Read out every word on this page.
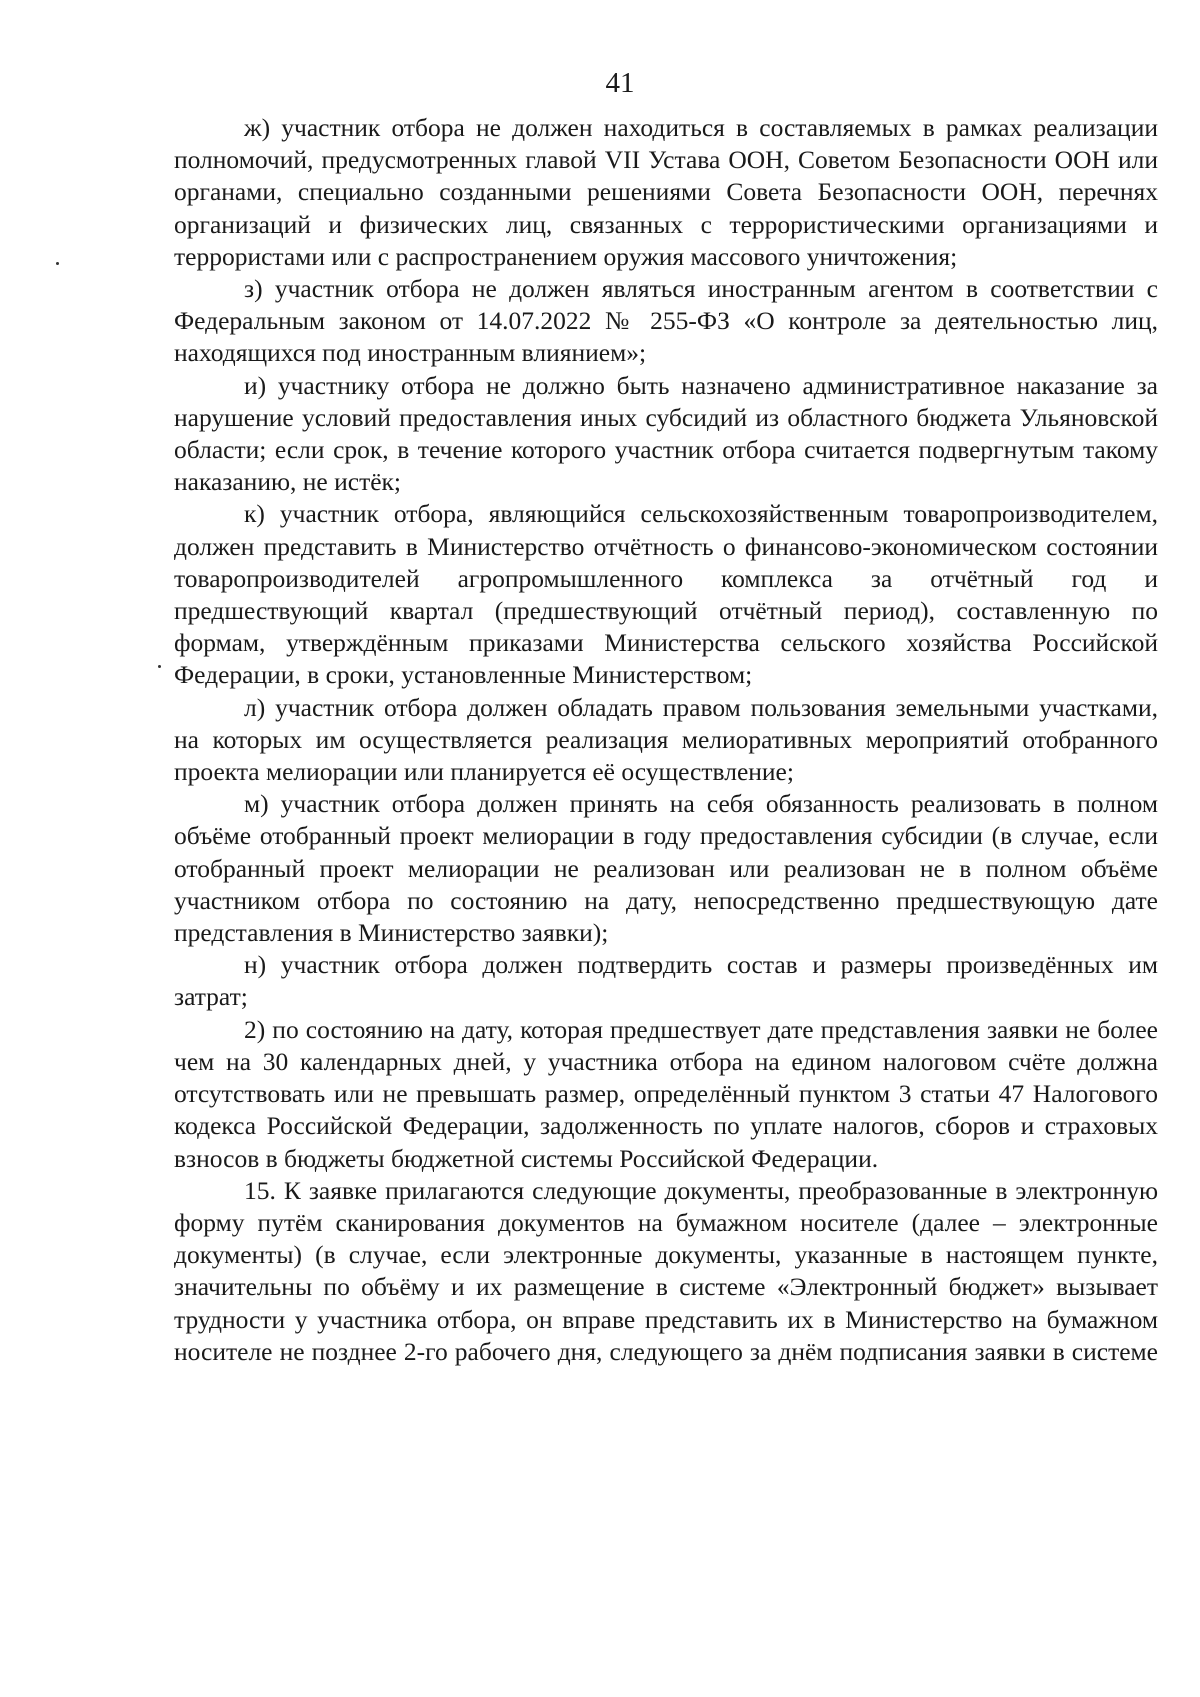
41

ж) участник отбора не должен находиться в составляемых в рамках реализации полномочий, предусмотренных главой VII Устава ООН, Советом Безопасности ООН или органами, специально созданными решениями Совета Безопасности ООН, перечнях организаций и физических лиц, связанных с террористическими организациями и террористами или с распространением оружия массового уничтожения;

з) участник отбора не должен являться иностранным агентом в соответствии с Федеральным законом от 14.07.2022 № 255-ФЗ «О контроле за деятельностью лиц, находящихся под иностранным влиянием»;

и) участнику отбора не должно быть назначено административное наказание за нарушение условий предоставления иных субсидий из областного бюджета Ульяновской области; если срок, в течение которого участник отбора считается подвергнутым такому наказанию, не истёк;

к) участник отбора, являющийся сельскохозяйственным товаропроизводителем, должен представить в Министерство отчётность о финансово-экономическом состоянии товаропроизводителей агропромышленного комплекса за отчётный год и предшествующий квартал (предшествующий отчётный период), составленную по формам, утверждённым приказами Министерства сельского хозяйства Российской Федерации, в сроки, установленные Министерством;

л) участник отбора должен обладать правом пользования земельными участками, на которых им осуществляется реализация мелиоративных мероприятий отобранного проекта мелиорации или планируется её осуществление;

м) участник отбора должен принять на себя обязанность реализовать в полном объёме отобранный проект мелиорации в году предоставления субсидии (в случае, если отобранный проект мелиорации не реализован или реализован не в полном объёме участником отбора по состоянию на дату, непосредственно предшествующую дате представления в Министерство заявки);

н) участник отбора должен подтвердить состав и размеры произведённых им затрат;

2) по состоянию на дату, которая предшествует дате представления заявки не более чем на 30 календарных дней, у участника отбора на едином налоговом счёте должна отсутствовать или не превышать размер, определённый пунктом 3 статьи 47 Налогового кодекса Российской Федерации, задолженность по уплате налогов, сборов и страховых взносов в бюджеты бюджетной системы Российской Федерации.

15. К заявке прилагаются следующие документы, преобразованные в электронную форму путём сканирования документов на бумажном носителе (далее – электронные документы) (в случае, если электронные документы, указанные в настоящем пункте, значительны по объёму и их размещение в системе «Электронный бюджет» вызывает трудности у участника отбора, он вправе представить их в Министерство на бумажном носителе не позднее 2-го рабочего дня, следующего за днём подписания заявки в системе
